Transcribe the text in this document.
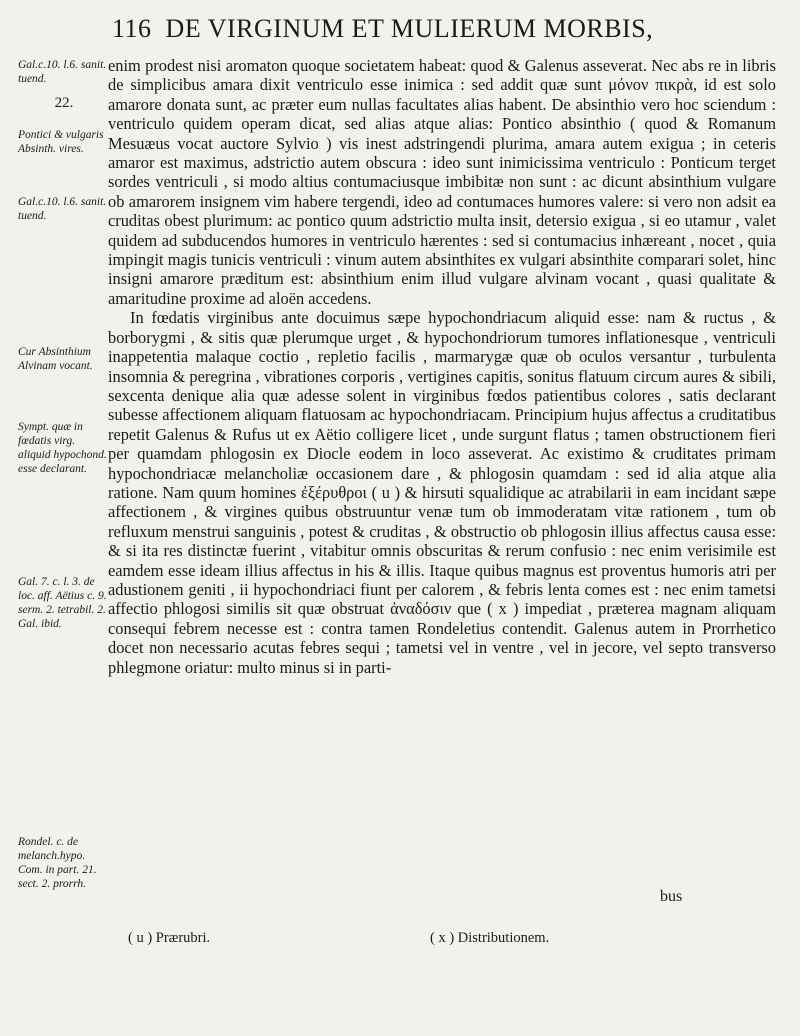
116 DE VIRGINUM ET MULIERUM MORBIS,
Gal.c.10. l.6. sanit. tuend.
22.
Pontici & vulgaris Absinth. vires.
Gal.c.10. l.6. sanit. tuend.
Cur Absinthium Alvinam vocant.
Sympt. quæ in fœdatis virg. aliquid hypochond. esse declarant.
Gal. 7. c. l. 3. de loc. aff. Aëtius c. 9. serm. 2. tetrabil. 2. Gal. ibid.
Rondel. c. de melanch.hypo. Com. in part. 21. sect. 2. prorrh.

enim prodest nisi aromaton quoque societatem habeat: quod & Galenus asseverat. Nec abs re in libris de simplicibus amara dixit ventriculo esse inimica : sed addit quæ sunt μόνον πικρὰ, id est solo amarore donata sunt, ac præter eum nullas facultates alias habent. De absinthio vero hoc sciendum : ventriculo quidem operam dicat, sed alias atque alias: Pontico absinthio ( quod & Romanum Mesuæus vocat auctore Sylvio ) vis inest adstringendi plurima, amara autem exigua ; in ceteris amaror est maximus, adstrictio autem obscura : ideo sunt inimicissima ventriculo : Ponticum terget sordes ventriculi , si modo altius contumaciusque imbibitæ non sunt : ac dicunt absinthium vulgare ob amarorem insignem vim habere tergendi, ideo ad contumaces humores valere: si vero non adsit ea cruditas obest plurimum: ac pontico quum adstrictio multa insit, detersio exigua , si eo utamur , valet quidem ad subducendos humores in ventriculo hærentes : sed si contumacius inhæreant , nocet , quia impingit magis tunicis ventriculi : vinum autem absinthites ex vulgari absinthite comparari solet, hinc insigni amarore præditum est: absinthium enim illud vulgare alvinam vocant , quasi qualitate & amaritudine proxime ad aloën accedens.

In fœdatis virginibus ante docuimus sæpe hypochondriacum aliquid esse: nam & ructus , & borborygmi , & sitis quæ plerumque urget , & hypochondriorum tumores inflationesque , ventriculi inappetentia malaque coctio , repletio facilis , marmarygæ quæ ob oculos versantur , turbulenta insomnia & peregrina , vibrationes corporis , vertigines capitis, sonitus flatuum circum aures & sibili, sexcenta denique alia quæ adesse solent in virginibus fœdos patientibus colores , satis declarant subesse affectionem aliquam flatuosam ac hypochondriacam. Principium hujus affectus a cruditatibus repetit Galenus & Rufus ut ex Aëtio colligere licet , unde surgunt flatus ; tamen obstructionem fieri per quamdam phlogosin ex Diocle eodem in loco asseverat. Ac existimo & cruditates primam hypochondriacæ melancholiæ occasionem dare , & phlogosin quamdam : sed id alia atque alia ratione. Nam quum homines ἐξέρυθροι ( u ) & hirsuti squalidique ac atrabilarii in eam incidant sæpe affectionem , & virgines quibus obstruuntur venæ tum ob immoderatam vitæ rationem , tum ob refluxum menstrui sanguinis , potest & cruditas , & obstructio ob phlogosin illius affectus causa esse: & si ita res distinctæ fuerint , vitabitur omnis obscuritas & rerum confusio : nec enim verisimile est eamdem esse ideam illius affectus in his & illis. Itaque quibus magnus est proventus humoris atri per adustionem geniti , ii hypochondriaci fiunt per calorem , & febris lenta comes est : nec enim tametsi affectio phlogosi similis sit quæ obstruat ἀναδόσιν que ( x ) impediat , præterea magnam aliquam consequi febrem necesse est : contra tamen Rondeletius contendit. Galenus autem in Prorrhetico docet non necessario acutas febres sequi ; tametsi vel in ventre , vel in jecore, vel septo transverso phlegmone oriatur: multo minus si in parti-

bus
( u ) Prærubri.	( x ) Distributionem.
